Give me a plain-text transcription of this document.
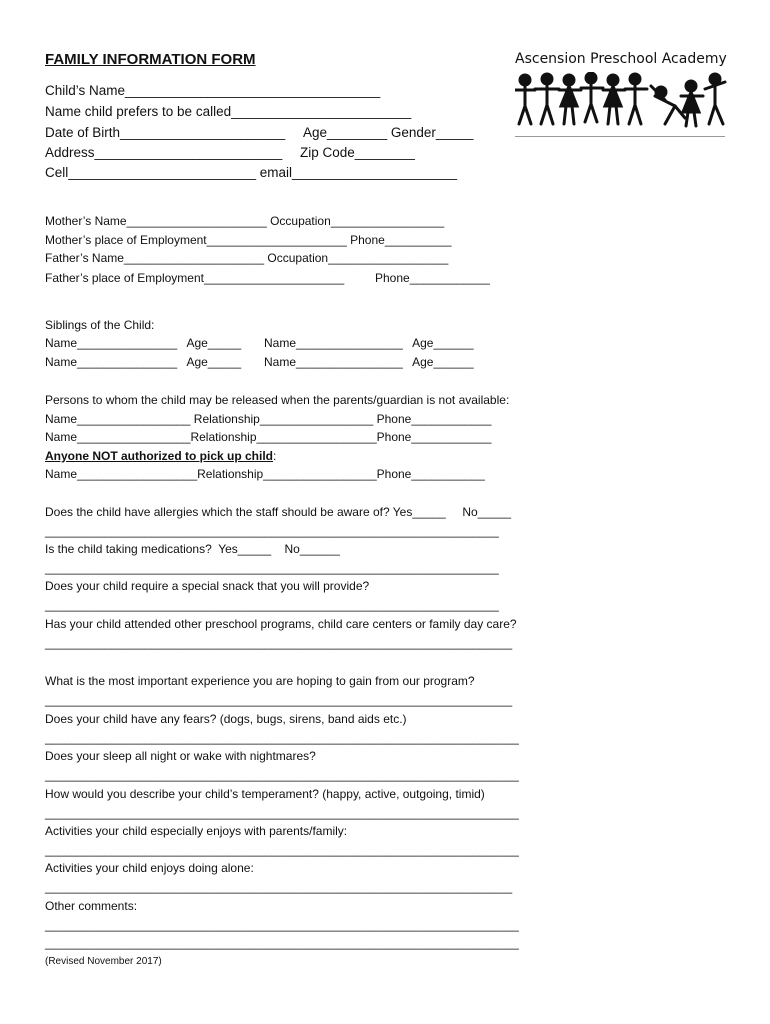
FAMILY INFORMATION FORM	Ascension Preschool Academy
Child’s Name__________________________________
Name child prefers to be called________________________
Date of Birth______________________ Age________ Gender_____
Address_________________________ Zip Code________
Cell_________________________ email______________________
Mother’s Name_____________________ Occupation_________________
Mother’s place of Employment_____________________ Phone__________
Father’s Name_____________________ Occupation__________________
Father’s place of Employment_____________________	Phone____________
Siblings of the Child:
Name_______________   Age_____ Name________________   Age______
Name_______________   Age_____ Name________________   Age______
Persons to whom the child may be released when the parents/guardian is not available:
Name_________________ Relationship_________________ Phone____________
Name_________________Relationship__________________Phone____________
Anyone NOT authorized to pick up child:
Name__________________Relationship_________________Phone___________
Does the child have allergies which the staff should be aware of? Yes_____     No_____
____________________________________________________________________
Is the child taking medications?  Yes_____    No______
____________________________________________________________________
Does your child require a special snack that you will provide?
____________________________________________________________________
Has your child attended other preschool programs, child care centers or family day care?
______________________________________________________________________
What is the most important experience you are hoping to gain from our program?
______________________________________________________________________
Does your child have any fears? (dogs, bugs, sirens, band aids etc.)
_______________________________________________________________________
Does your sleep all night or wake with nightmares?
_______________________________________________________________________
How would you describe your child’s temperament? (happy, active, outgoing, timid)
_______________________________________________________________________
Activities your child especially enjoys with parents/family:
_______________________________________________________________________
Activities your child enjoys doing alone:
______________________________________________________________________
Other comments:
_______________________________________________________________________
_______________________________________________________________________
(Revised November 2017)
